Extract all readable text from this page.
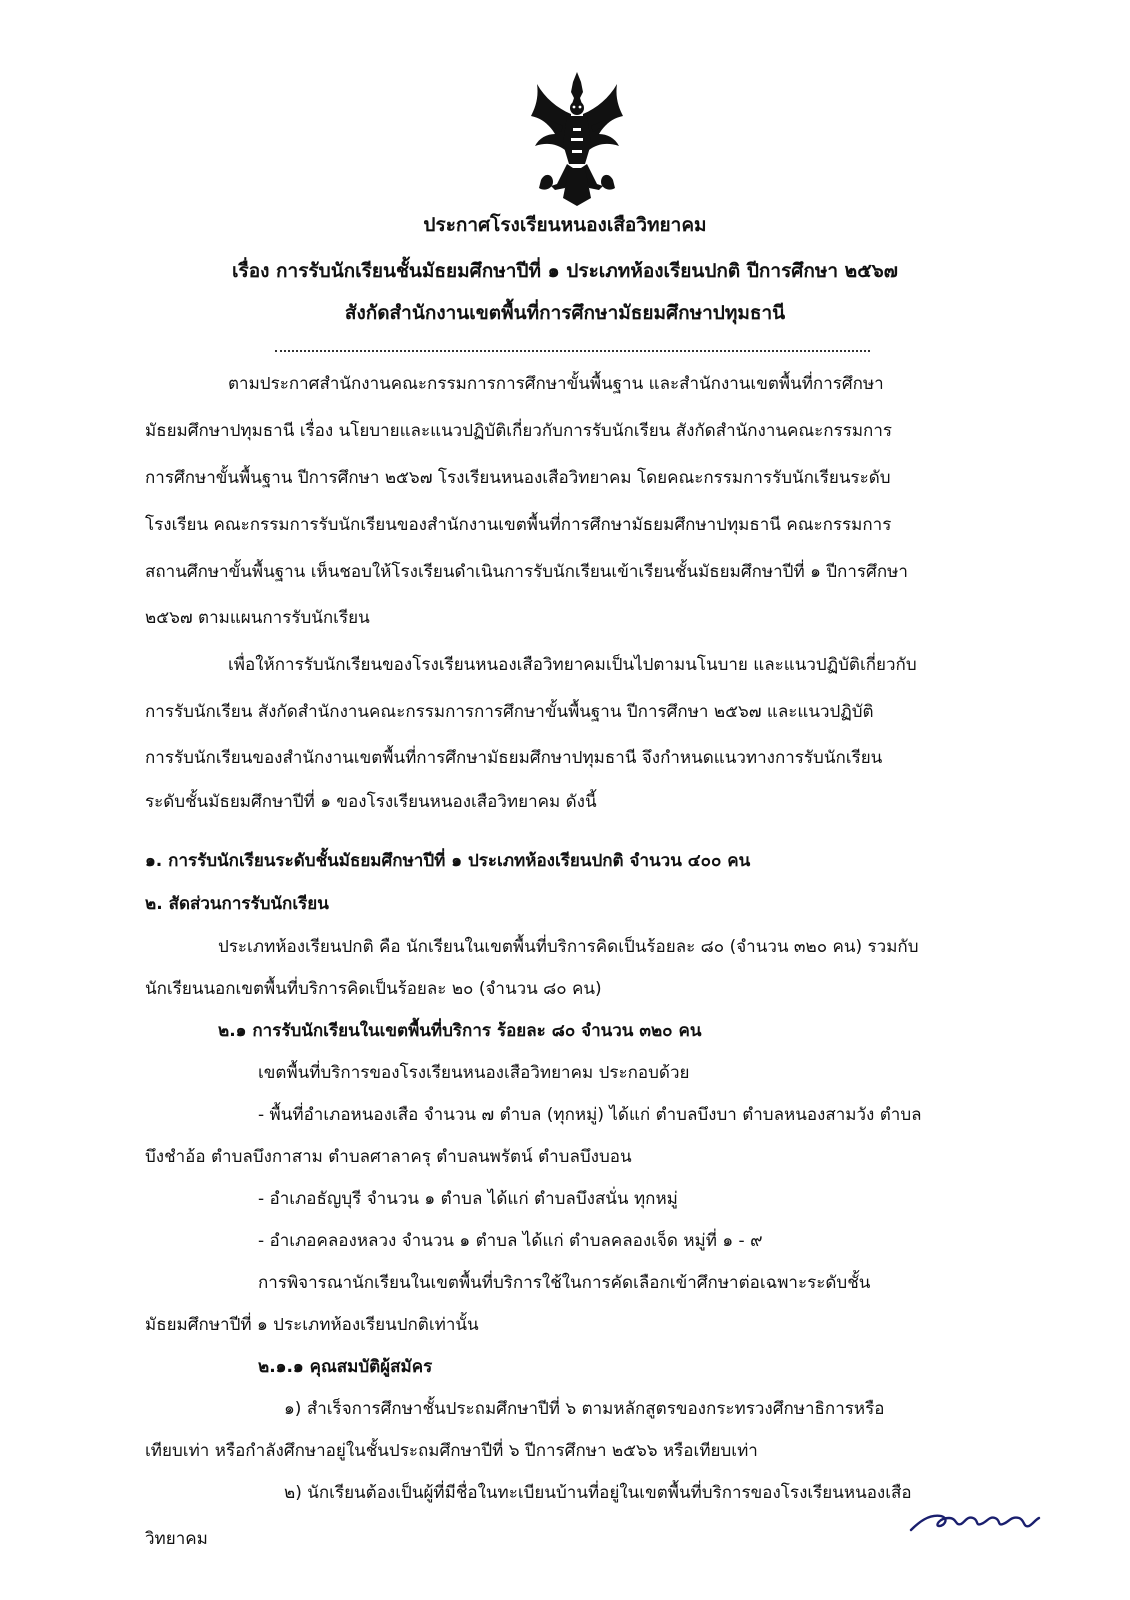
ประกาศโรงเรียนหนองเสือวิทยาคม
เรื่อง การรับนักเรียนชั้นมัธยมศึกษาปีที่ ๑ ประเภทห้องเรียนปกติ ปีการศึกษา ๒๕๖๗
สังกัดสำนักงานเขตพื้นที่การศึกษามัธยมศึกษาปทุมธานี
ตามประกาศสำนักงานคณะกรรมการการศึกษาขั้นพื้นฐาน และสำนักงานเขตพื้นที่การศึกษา
มัธยมศึกษาปทุมธานี เรื่อง นโยบายและแนวปฏิบัติเกี่ยวกับการรับนักเรียน สังกัดสำนักงานคณะกรรมการ
การศึกษาขั้นพื้นฐาน ปีการศึกษา ๒๕๖๗ โรงเรียนหนองเสือวิทยาคม โดยคณะกรรมการรับนักเรียนระดับ
โรงเรียน คณะกรรมการรับนักเรียนของสำนักงานเขตพื้นที่การศึกษามัธยมศึกษาปทุมธานี คณะกรรมการ
สถานศึกษาขั้นพื้นฐาน เห็นชอบให้โรงเรียนดำเนินการรับนักเรียนเข้าเรียนชั้นมัธยมศึกษาปีที่ ๑ ปีการศึกษา
๒๕๖๗ ตามแผนการรับนักเรียน
เพื่อให้การรับนักเรียนของโรงเรียนหนองเสือวิทยาคมเป็นไปตามนโนบาย และแนวปฏิบัติเกี่ยวกับ
การรับนักเรียน สังกัดสำนักงานคณะกรรมการการศึกษาขั้นพื้นฐาน ปีการศึกษา ๒๕๖๗ และแนวปฏิบัติ
การรับนักเรียนของสำนักงานเขตพื้นที่การศึกษามัธยมศึกษาปทุมธานี จึงกำหนดแนวทางการรับนักเรียน
ระดับชั้นมัธยมศึกษาปีที่ ๑ ของโรงเรียนหนองเสือวิทยาคม ดังนี้
๑. การรับนักเรียนระดับชั้นมัธยมศึกษาปีที่ ๑ ประเภทห้องเรียนปกติ จำนวน ๔๐๐ คน
๒. สัดส่วนการรับนักเรียน
ประเภทห้องเรียนปกติ คือ นักเรียนในเขตพื้นที่บริการคิดเป็นร้อยละ ๘๐ (จำนวน ๓๒๐ คน) รวมกับ
นักเรียนนอกเขตพื้นที่บริการคิดเป็นร้อยละ ๒๐ (จำนวน ๘๐ คน)
๒.๑ การรับนักเรียนในเขตพื้นที่บริการ ร้อยละ ๘๐ จำนวน ๓๒๐ คน
เขตพื้นที่บริการของโรงเรียนหนองเสือวิทยาคม ประกอบด้วย
- พื้นที่อำเภอหนองเสือ จำนวน ๗ ตำบล (ทุกหมู่) ได้แก่ ตำบลบึงบา ตำบลหนองสามวัง ตำบล
บึงชำอ้อ ตำบลบึงกาสาม ตำบลศาลาครุ ตำบลนพรัตน์ ตำบลบึงบอน
- อำเภอธัญบุรี จำนวน ๑ ตำบล ได้แก่ ตำบลบึงสนั่น ทุกหมู่
- อำเภอคลองหลวง จำนวน ๑ ตำบล ได้แก่ ตำบลคลองเจ็ด หมู่ที่ ๑ - ๙
การพิจารณานักเรียนในเขตพื้นที่บริการใช้ในการคัดเลือกเข้าศึกษาต่อเฉพาะระดับชั้น
มัธยมศึกษาปีที่ ๑ ประเภทห้องเรียนปกติเท่านั้น
๒.๑.๑ คุณสมบัติผู้สมัคร
๑) สำเร็จการศึกษาชั้นประถมศึกษาปีที่ ๖ ตามหลักสูตรของกระทรวงศึกษาธิการหรือ
เทียบเท่า หรือกำลังศึกษาอยู่ในชั้นประถมศึกษาปีที่ ๖ ปีการศึกษา ๒๕๖๖ หรือเทียบเท่า
๒) นักเรียนต้องเป็นผู้ที่มีชื่อในทะเบียนบ้านที่อยู่ในเขตพื้นที่บริการของโรงเรียนหนองเสือ
วิทยาคม
